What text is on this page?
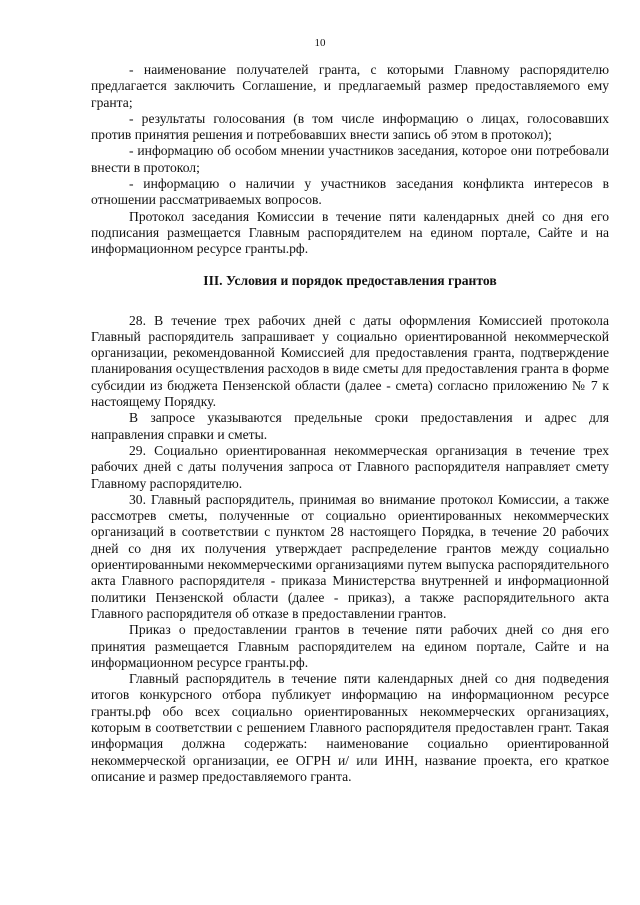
10

- наименование получателей гранта, с которыми Главному распорядителю предлагается заключить Соглашение, и предлагаемый размер предоставляемого ему гранта;

- результаты голосования (в том числе информацию о лицах, голосовавших против принятия решения и потребовавших внести запись об этом в протокол);

- информацию об особом мнении участников заседания, которое они потребовали внести в протокол;

- информацию о наличии у участников заседания конфликта интересов в отношении рассматриваемых вопросов.

Протокол заседания Комиссии в течение пяти календарных дней со дня его подписания размещается Главным распорядителем на едином портале, Сайте и на информационном ресурсе гранты.рф.

III. Условия и порядок предоставления грантов

28. В течение трех рабочих дней с даты оформления Комиссией протокола Главный распорядитель запрашивает у социально ориентированной некоммерческой организации, рекомендованной Комиссией для предоставления гранта, подтверждение планирования осуществления расходов в виде сметы для предоставления гранта в форме субсидии из бюджета Пензенской области (далее - смета) согласно приложению № 7 к настоящему Порядку.

В запросе указываются предельные сроки предоставления и адрес для направления справки и сметы.

29. Социально ориентированная некоммерческая организация в течение трех рабочих дней с даты получения запроса от Главного распорядителя направляет смету Главному распорядителю.

30. Главный распорядитель, принимая во внимание протокол Комиссии, а также рассмотрев сметы, полученные от социально ориентированных некоммерческих организаций в соответствии с пунктом 28 настоящего Порядка, в течение 20 рабочих дней со дня их получения утверждает распределение грантов между социально ориентированными некоммерческими организациями путем выпуска распорядительного акта Главного распорядителя - приказа Министерства внутренней и информационной политики Пензенской области (далее - приказ), а также распорядительного акта Главного распорядителя об отказе в предоставлении грантов.

Приказ о предоставлении грантов в течение пяти рабочих дней со дня его принятия размещается Главным распорядителем на едином портале, Сайте и на информационном ресурсе гранты.рф.

Главный распорядитель в течение пяти календарных дней со дня подведения итогов конкурсного отбора публикует информацию на информационном ресурсе гранты.рф обо всех социально ориентированных некоммерческих организациях, которым в соответствии с решением Главного распорядителя предоставлен грант. Такая информация должна содержать: наименование социально ориентированной некоммерческой организации, ее ОГРН и/ или ИНН, название проекта, его краткое описание и размер предоставляемого гранта.
